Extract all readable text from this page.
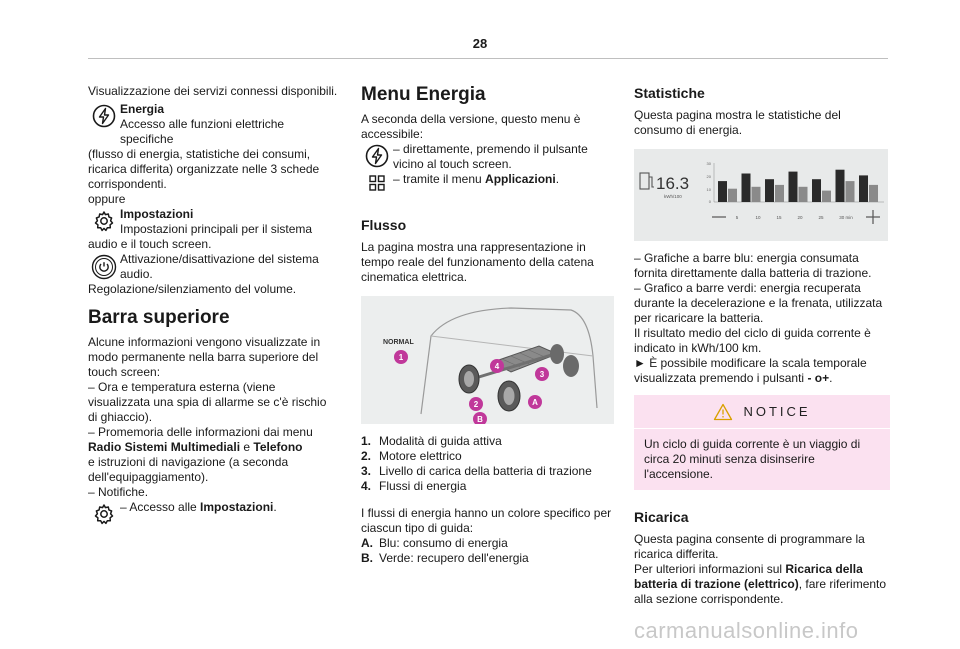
28

Visualizzazione dei servizi connessi disponibili.

Energia

Accesso alle funzioni elettriche specifiche

(flusso di energia, statistiche dei consumi, ricarica differita) organizzate nelle 3 schede corrispondenti.

oppure

Impostazioni

Impostazioni principali per il sistema

audio e il touch screen.

Attivazione/disattivazione del sistema audio.

Regolazione/silenziamento del volume.

Barra superiore

Alcune informazioni vengono visualizzate in modo permanente nella barra superiore del touch screen:

– Ora e temperatura esterna (viene visualizzata una spia di allarme se c'è rischio di ghiaccio).

– Promemoria delle informazioni dai menu Radio Sistemi Multimediali e Telefono

e istruzioni di navigazione (a seconda dell'equipaggiamento).

– Notifiche.

– Accesso alle Impostazioni.

Menu Energia

A seconda della versione, questo menu è accessibile:

– direttamente, premendo il pulsante vicino al touch screen.

– tramite il menu Applicazioni.

Flusso

La pagina mostra una rappresentazione in tempo reale del funzionamento della catena cinematica elettrica.

NORMAL
1
2
3
4
A
B
1. Modalità di guida attiva
2. Motore elettrico
3. Livello di carica della batteria di trazione
4. Flussi di energia

I flussi di energia hanno un colore specifico per ciascun tipo di guida:

A. Blu: consumo di energia
B. Verde: recupero dell'energia

Statistiche

Questa pagina mostra le statistiche del consumo di energia.

16.3
kWh/100
30
20
10
0
5	10	15	20	25	30 min

– Grafiche a barre blu: energia consumata fornita direttamente dalla batteria di trazione.

– Grafico a barre verdi: energia recuperata durante la decelerazione e la frenata, utilizzata per ricaricare la batteria.

Il risultato medio del ciclo di guida corrente è indicato in kWh/100 km.

► È possibile modificare la scala temporale visualizzata premendo i pulsanti - o+.

NOTICE

Un ciclo di guida corrente è un viaggio di circa 20 minuti senza disinserire l'accensione.

Ricarica

Questa pagina consente di programmare la ricarica differita.

Per ulteriori informazioni sul Ricarica della batteria di trazione (elettrico), fare riferimento alla sezione corrispondente.

carmanualsonline.info
